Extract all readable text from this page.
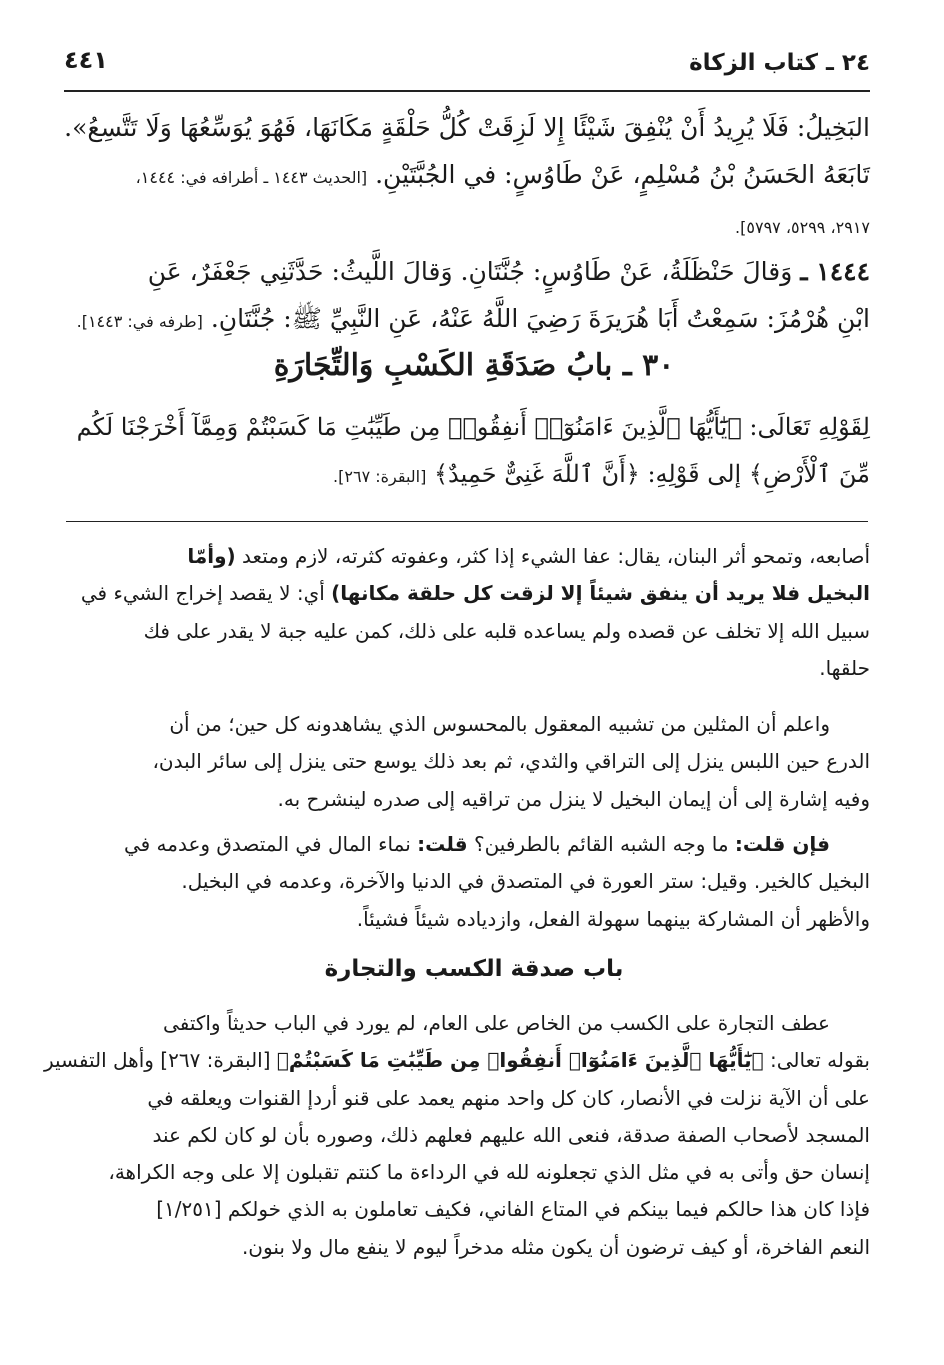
٢٤ ـ كتاب الزكاة
٤٤١
البَخِيلُ: فَلَا يُرِيدُ أَنْ يُنْفِقَ شَيْئًا إِلا لَزِقَتْ كُلُّ حَلْقَةٍ مَكَانَهَا، فَهُوَ يُوَسِّعُهَا وَلَا تَتَّسِعُ».
تَابَعَهُ الحَسَنُ بْنُ مُسْلِمٍ، عَنْ طَاوُسٍ: في الجُبَّتَيْنِ. [الحديث ١٤٤٣ ـ أطرافه في: ١٤٤٤،
٢٩١٧، ٥٢٩٩، ٥٧٩٧].
١٤٤٤ ـ وَقالَ حَنْظَلَةُ، عَنْ طَاوُسٍ: جُنَّتَانِ. وَقالَ اللَّيثُ: حَدَّثَنِي جَعْفَرٌ، عَنِ
ابْنِ هُرْمُزَ: سَمِعْتُ أَبَا هُرَيرَةَ رَضِيَ اللَّهُ عَنْهُ، عَنِ النَّبِيِّ ﷺ: جُنَّتَانِ. [طرفه في: ١٤٤٣].
٣٠ ـ بابُ صَدَقَةِ الكَسْبِ وَالتِّجَارَةِ
لِقَوْلِهِ تَعَالَى: ﴿يَٰٓأَيُّهَا ٱلَّذِينَ ءَامَنُوٓا۟ أَنفِقُوا۟ مِن طَيِّبَٰتِ مَا كَسَبْتُمْ وَمِمَّآ أَخْرَجْنَا لَكُم
مِّنَ ٱلْأَرْضِ﴾ إلى قَوْلِهِ: ﴿أَنَّ ٱللَّهَ غَنِىٌّ حَمِيدٌ﴾ [البقرة: ٢٦٧].

أصابعه، وتمحو أثر البنان، يقال: عفا الشيء إذا كثر، وعفوته كثرته، لازم ومتعد (وأمّا
البخيل فلا يريد أن ينفق شيئاً إلا لزقت كل حلقة مكانها) أي: لا يقصد إخراج الشيء في
سبيل الله إلا تخلف عن قصده ولم يساعده قلبه على ذلك، كمن عليه جبة لا يقدر على فك
حلقها.

واعلم أن المثلين من تشبيه المعقول بالمحسوس الذي يشاهدونه كل حين؛ من أن
الدرع حين اللبس ينزل إلى التراقي والثدي، ثم بعد ذلك يوسع حتى ينزل إلى سائر البدن،
وفيه إشارة إلى أن إيمان البخيل لا ينزل من تراقيه إلى صدره لينشرح به.

فإن قلت: ما وجه الشبه القائم بالطرفين؟ قلت: نماء المال في المتصدق وعدمه في
البخيل كالخير. وقيل: ستر العورة في المتصدق في الدنيا والآخرة، وعدمه في البخيل.
والأظهر أن المشاركة بينهما سهولة الفعل، وازدياده شيئاً فشيئاً.

باب صدقة الكسب والتجارة

عطف التجارة على الكسب من الخاص على العام، لم يورد في الباب حديثاً واكتفى
بقوله تعالى: ﴿يَٰٓأَيُّهَا ٱلَّذِينَ ءَامَنُوٓا۟ أَنفِقُوا۟ مِن طَيِّبَٰتِ مَا كَسَبْتُمْ﴾ [البقرة: ٢٦٧] وأهل التفسير
على أن الآية نزلت في الأنصار، كان كل واحد منهم يعمد على قنو أردإ القنوات ويعلقه في
المسجد لأصحاب الصفة صدقة، فنعى الله عليهم فعلهم ذلك، وصوره بأن لو كان لكم عند
إنسان حق وأتى به في مثل الذي تجعلونه لله في الرداءة ما كنتم تقبلون إلا على وجه الكراهة،
فإذا كان هذا حالكم فيما بينكم في المتاع الفاني، فكيف تعاملون به الذي خولكم [١/٢٥١]
النعم الفاخرة، أو كيف ترضون أن يكون مثله مدخراً ليوم لا ينفع مال ولا بنون.
